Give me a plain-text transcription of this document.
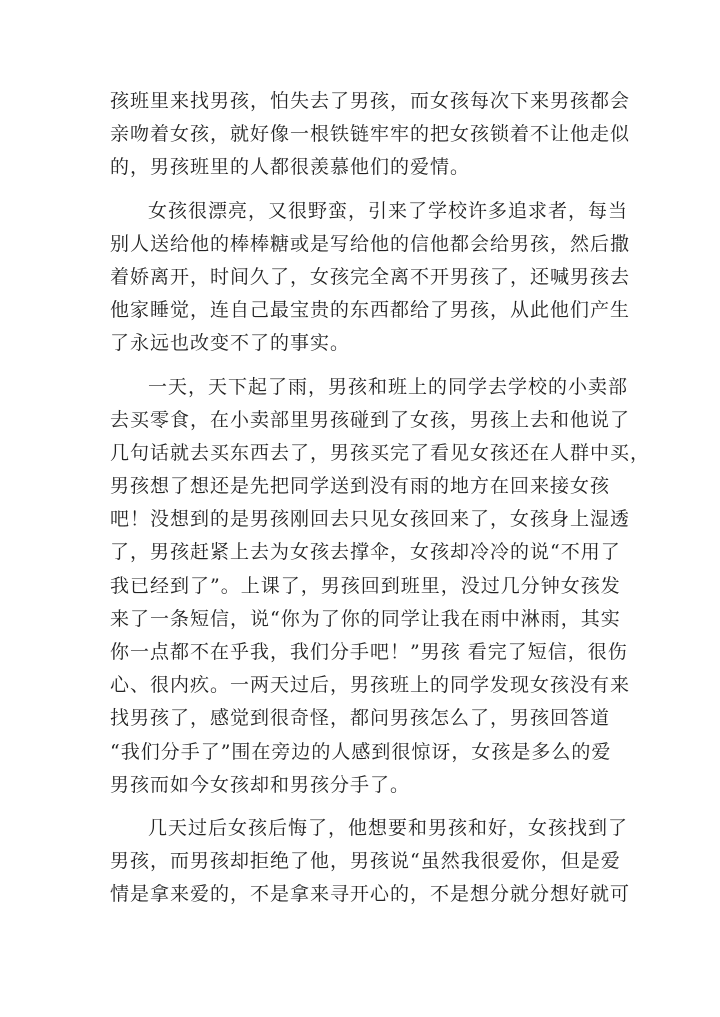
孩班里来找男孩，怕失去了男孩，而女孩每次下来男孩都会
亲吻着女孩，就好像一根铁链牢牢的把女孩锁着不让他走似
的，男孩班里的人都很羡慕他们的爱情。
女孩很漂亮，又很野蛮，引来了学校许多追求者，每当
别人送给他的棒棒糖或是写给他的信他都会给男孩，然后撒
着娇离开，时间久了，女孩完全离不开男孩了，还喊男孩去
他家睡觉，连自己最宝贵的东西都给了男孩，从此他们产生
了永远也改变不了的事实。
一天，天下起了雨，男孩和班上的同学去学校的小卖部
去买零食，在小卖部里男孩碰到了女孩，男孩上去和他说了
几句话就去买东西去了，男孩买完了看见女孩还在人群中买，
男孩想了想还是先把同学送到没有雨的地方在回来接女孩
吧！没想到的是男孩刚回去只见女孩回来了，女孩身上湿透
了，男孩赶紧上去为女孩去撑伞，女孩却冷冷的说“不用了
我已经到了”。上课了，男孩回到班里，没过几分钟女孩发
来了一条短信，说“你为了你的同学让我在雨中淋雨，其实
你一点都不在乎我，我们分手吧！”男孩 看完了短信，很伤
心、很内疚。一两天过后，男孩班上的同学发现女孩没有来
找男孩了，感觉到很奇怪，都问男孩怎么了，男孩回答道
“我们分手了”围在旁边的人感到很惊讶，女孩是多么的爱
男孩而如今女孩却和男孩分手了。
几天过后女孩后悔了，他想要和男孩和好，女孩找到了
男孩，而男孩却拒绝了他，男孩说“虽然我很爱你，但是爱
情是拿来爱的，不是拿来寻开心的，不是想分就分想好就可
